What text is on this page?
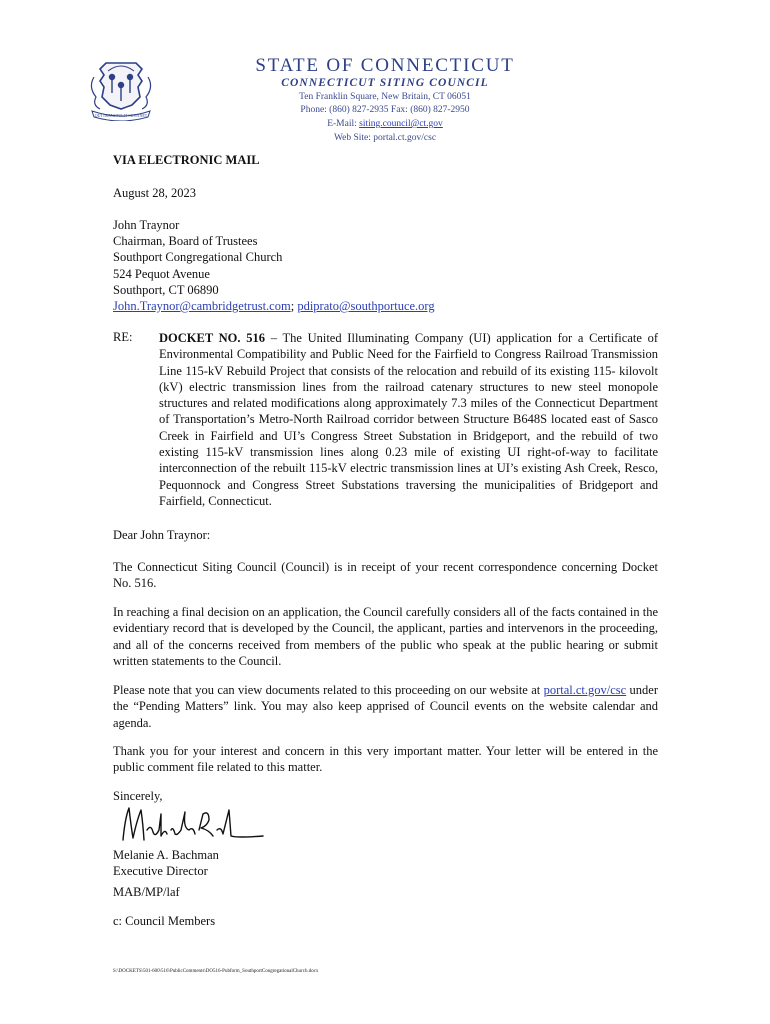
QUI TRANSTULIT SUSTINET
STATE OF CONNECTICUT
CONNECTICUT SITING COUNCIL
Ten Franklin Square, New Britain, CT 06051
Phone: (860) 827-2935 Fax: (860) 827-2950
E-Mail: siting.council@ct.gov
Web Site: portal.ct.gov/csc
VIA ELECTRONIC MAIL
August 28, 2023
John Traynor
Chairman, Board of Trustees
Southport Congregational Church
524 Pequot Avenue
Southport, CT 06890
John.Traynor@cambridgetrust.com; pdiprato@southportuce.org
RE: DOCKET NO. 516 – The United Illuminating Company (UI) application for a Certificate of Environmental Compatibility and Public Need for the Fairfield to Congress Railroad Transmission Line 115-kV Rebuild Project that consists of the relocation and rebuild of its existing 115- kilovolt (kV) electric transmission lines from the railroad catenary structures to new steel monopole structures and related modifications along approximately 7.3 miles of the Connecticut Department of Transportation’s Metro-North Railroad corridor between Structure B648S located east of Sasco Creek in Fairfield and UI’s Congress Street Substation in Bridgeport, and the rebuild of two existing 115-kV transmission lines along 0.23 mile of existing UI right-of-way to facilitate interconnection of the rebuilt 115-kV electric transmission lines at UI’s existing Ash Creek, Resco, Pequonnock and Congress Street Substations traversing the municipalities of Bridgeport and Fairfield, Connecticut.
Dear John Traynor:
The Connecticut Siting Council (Council) is in receipt of your recent correspondence concerning Docket No. 516.
In reaching a final decision on an application, the Council carefully considers all of the facts contained in the evidentiary record that is developed by the Council, the applicant, parties and intervenors in the proceeding, and all of the concerns received from members of the public who speak at the public hearing or submit written statements to the Council.
Please note that you can view documents related to this proceeding on our website at portal.ct.gov/csc under the “Pending Matters” link. You may also keep apprised of Council events on the website calendar and agenda.
Thank you for your interest and concern in this very important matter. Your letter will be entered in the public comment file related to this matter.
Sincerely,
Melanie A. Bachman
Executive Director
MAB/MP/laf
c: Council Members
S:\DOCKETS\501-600\516\PublicComments\DO516-Pubform_SouthportCongregationalChurch.docx
